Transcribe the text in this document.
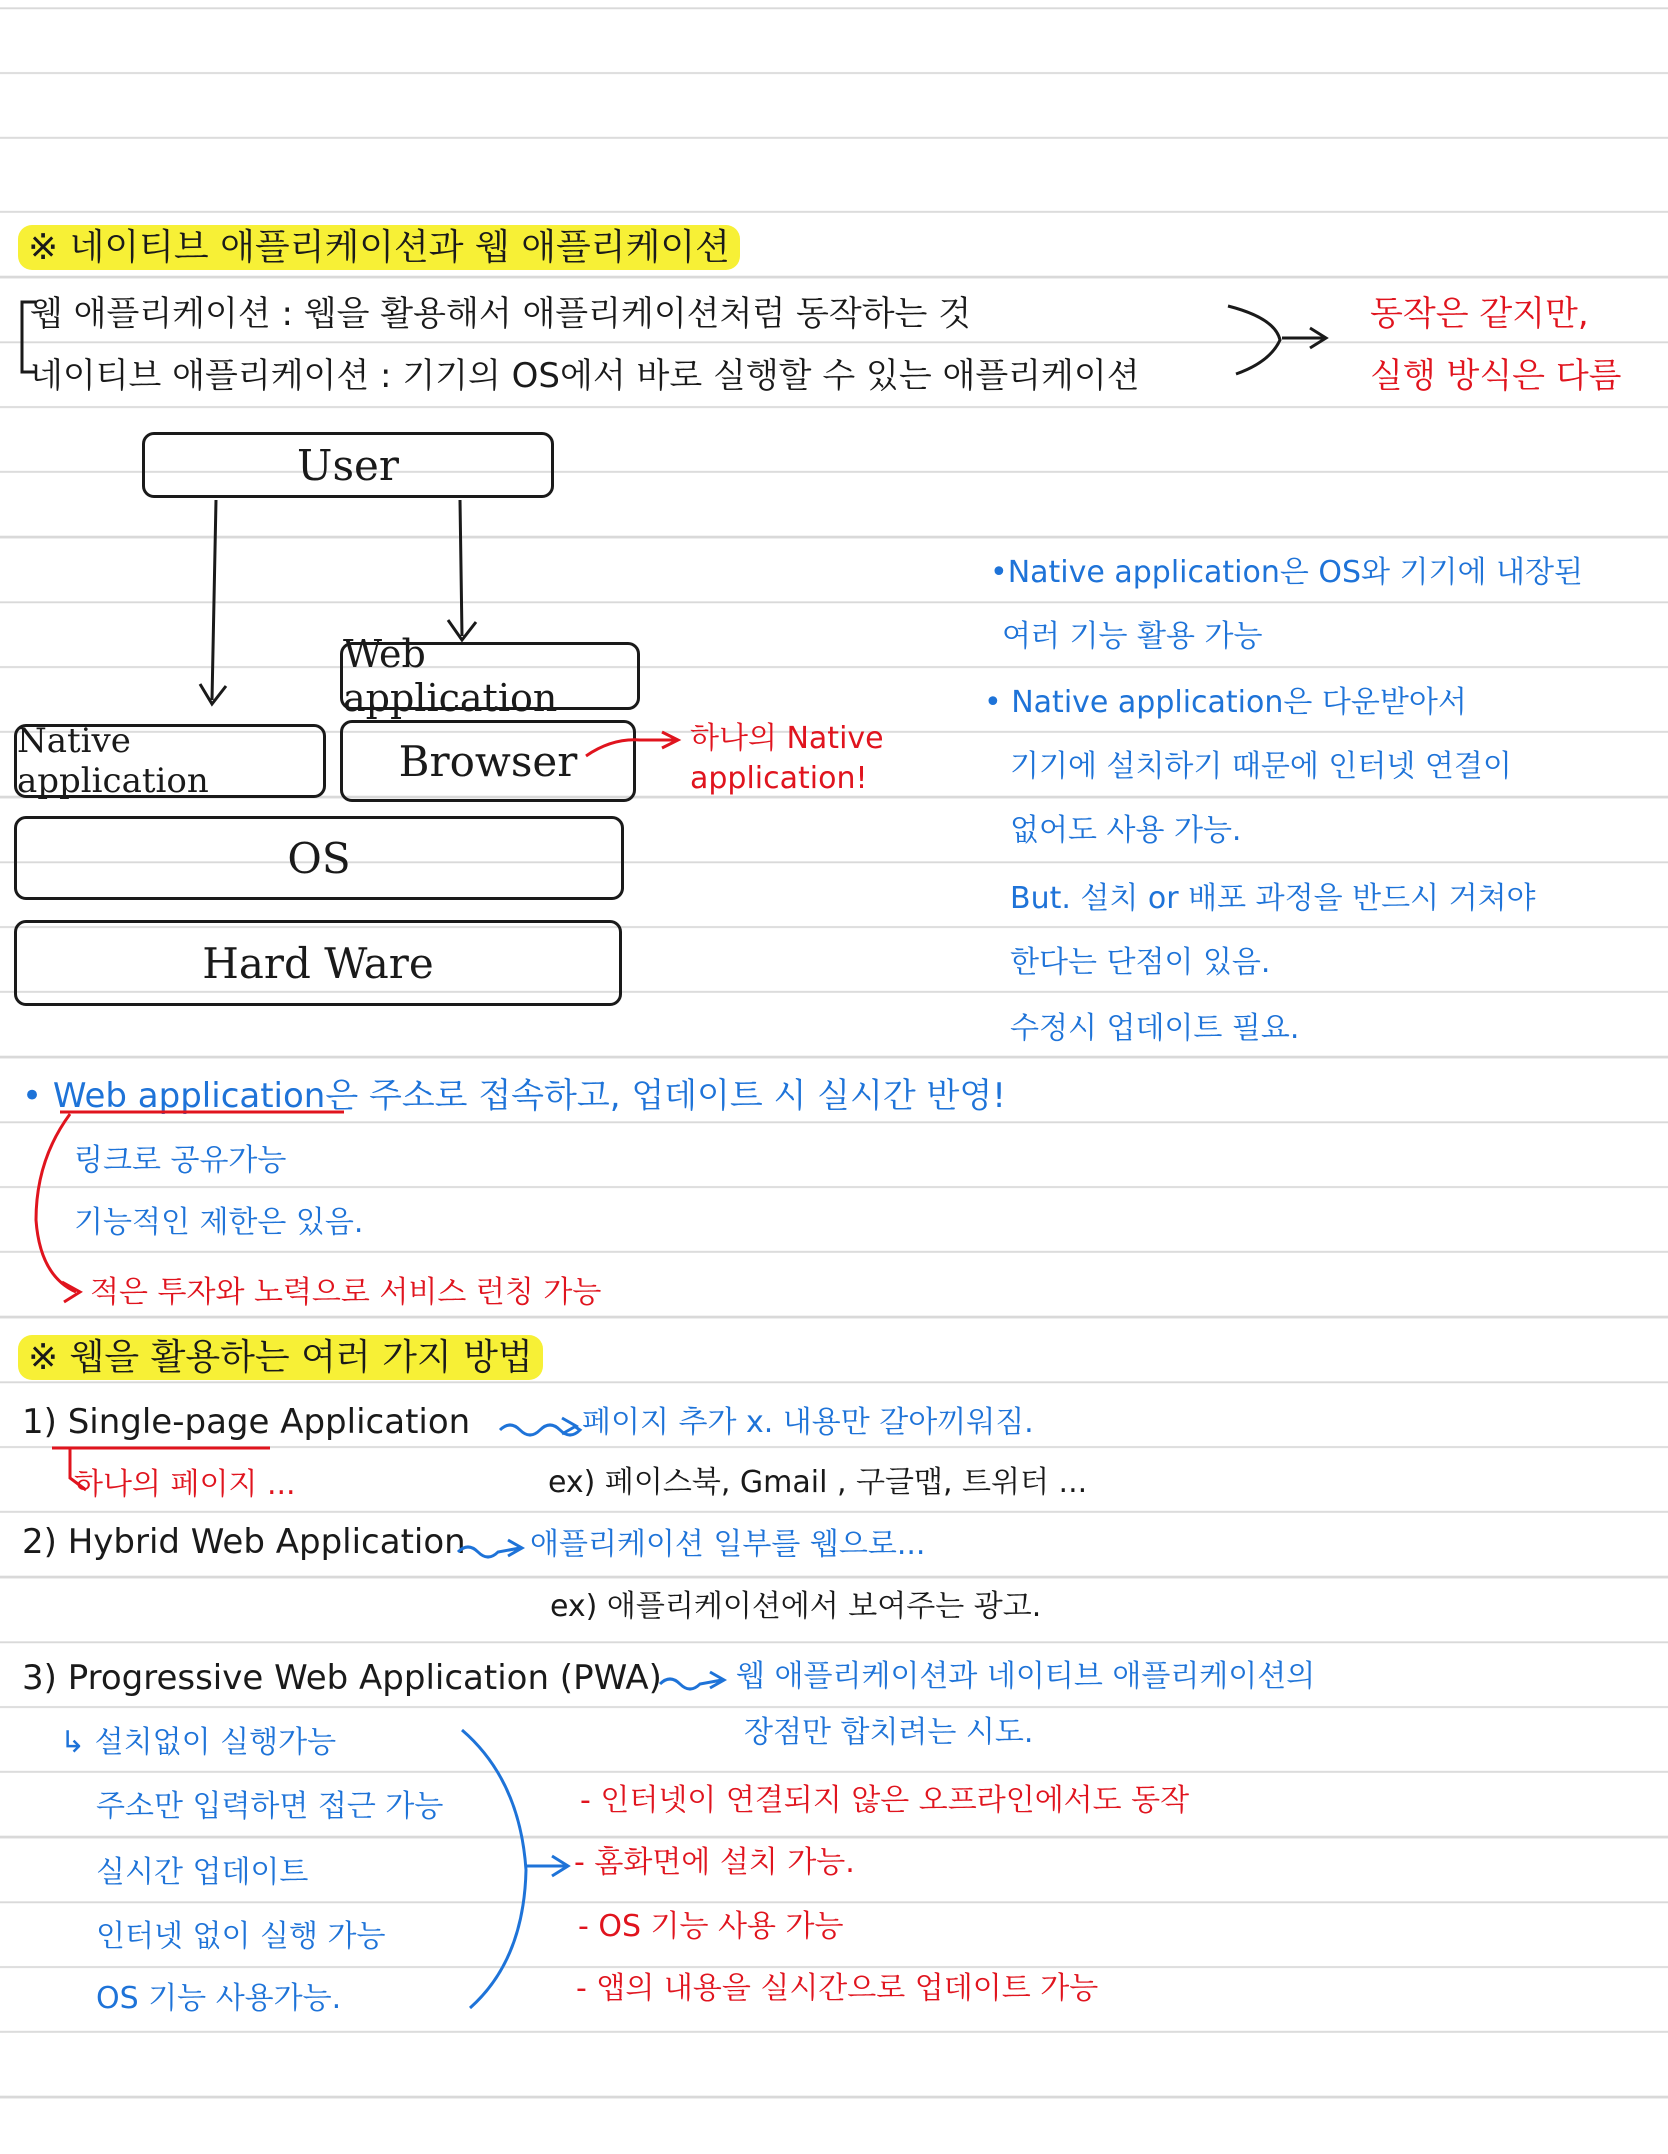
※ 네이티브 애플리케이션과 웹 애플리케이션
웹 애플리케이션 : 웹을 활용해서 애플리케이션처럼 동작하는 것
네이티브 애플리케이션 : 기기의 OS에서 바로 실행할 수 있는 애플리케이션
동작은 같지만,
실행 방식은 다름
User
Web application
Native application	Browser
OS
Hard Ware
하나의 Native
application!
•Native application은 OS와 기기에 내장된
여러 기능 활용 가능
• Native application은 다운받아서
기기에 설치하기 때문에 인터넷 연결이
없어도 사용 가능.
But. 설치 or 배포 과정을 반드시 거쳐야
한다는 단점이 있음.
수정시 업데이트 필요.
• Web application은 주소로 접속하고, 업데이트 시 실시간 반영!
링크로 공유가능
기능적인 제한은 있음.
적은 투자와 노력으로 서비스 런칭 가능
※ 웹을 활용하는 여러 가지 방법
1) Single-page Application	페이지 추가 x. 내용만 갈아끼워짐.
하나의 페이지 ...	ex) 페이스북, Gmail , 구글맵, 트위터 ...
2) Hybrid Web Application 애플리케이션 일부를 웹으로...
ex) 애플리케이션에서 보여주는 광고.
3) Progressive Web Application (PWA) 웹 애플리케이션과 네이티브 애플리케이션의
장점만 합치려는 시도.
↳ 설치없이 실행가능
주소만 입력하면 접근 가능
실시간 업데이트
인터넷 없이 실행 가능
OS 기능 사용가능.
- 인터넷이 연결되지 않은 오프라인에서도 동작
- 홈화면에 설치 가능.
- OS 기능 사용 가능
- 앱의 내용을 실시간으로 업데이트 가능
